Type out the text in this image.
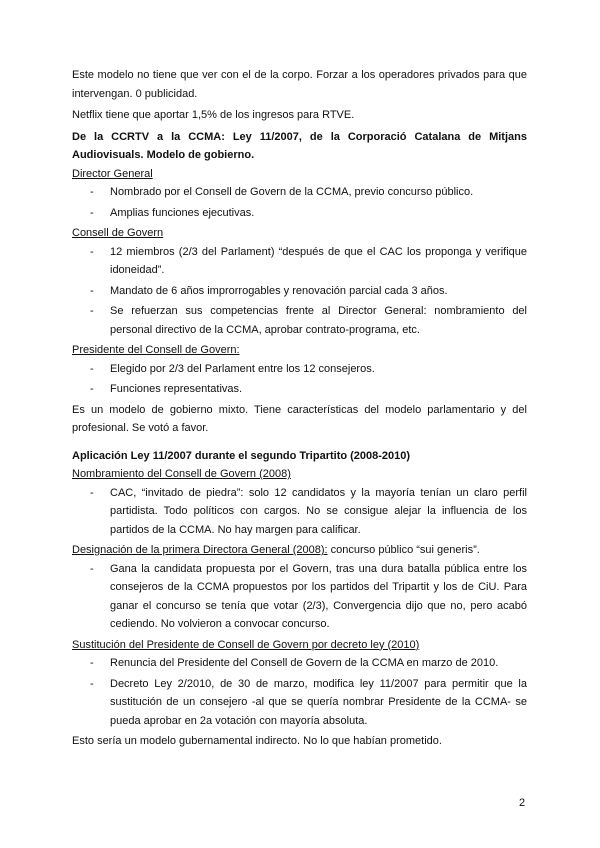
Este modelo no tiene que ver con el de la corpo. Forzar a los operadores privados para que intervengan. 0 publicidad.

Netflix tiene que aportar 1,5% de los ingresos para RTVE.

De la CCRTV a la CCMA: Ley 11/2007, de la Corporació Catalana de Mitjans Audiovisuals. Modelo de gobierno.

Director General

-	Nombrado por el Consell de Govern de la CCMA, previo concurso público.
-	Amplias funciones ejecutivas.

Consell de Govern

-	12 miembros (2/3 del Parlament) “después de que el CAC los proponga y verifique idoneidad”.
-	Mandato de 6 años improrrogables y renovación parcial cada 3 años.
-	Se refuerzan sus competencias frente al Director General: nombramiento del personal directivo de la CCMA, aprobar contrato-programa, etc.

Presidente del Consell de Govern:

-	Elegido por 2/3 del Parlament entre los 12 consejeros.
-	Funciones representativas.

Es un modelo de gobierno mixto. Tiene características del modelo parlamentario y del profesional. Se votó a favor.

Aplicación Ley 11/2007 durante el segundo Tripartito (2008-2010)

Nombramiento del Consell de Govern (2008)

-	CAC, “invitado de piedra”: solo 12 candidatos y la mayoría tenían un claro perfil partidista. Todo políticos con cargos. No se consigue alejar la influencia de los partidos de la CCMA. No hay margen para calificar.

Designación de la primera Directora General (2008): concurso público “sui generis”.

-	Gana la candidata propuesta por el Govern, tras una dura batalla pública entre los consejeros de la CCMA propuestos por los partidos del Tripartit y los de CiU. Para ganar el concurso se tenía que votar (2/3), Convergencia dijo que no, pero acabó cediendo. No volvieron a convocar concurso.

Sustitución del Presidente de Consell de Govern por decreto ley (2010)

-	Renuncia del Presidente del Consell de Govern de la CCMA en marzo de 2010.
-	Decreto Ley 2/2010, de 30 de marzo, modifica ley 11/2007 para permitir que la sustitución de un consejero -al que se quería nombrar Presidente de la CCMA- se pueda aprobar en 2a votación con mayoría absoluta.

Esto sería un modelo gubernamental indirecto. No lo que habían prometido.

2
